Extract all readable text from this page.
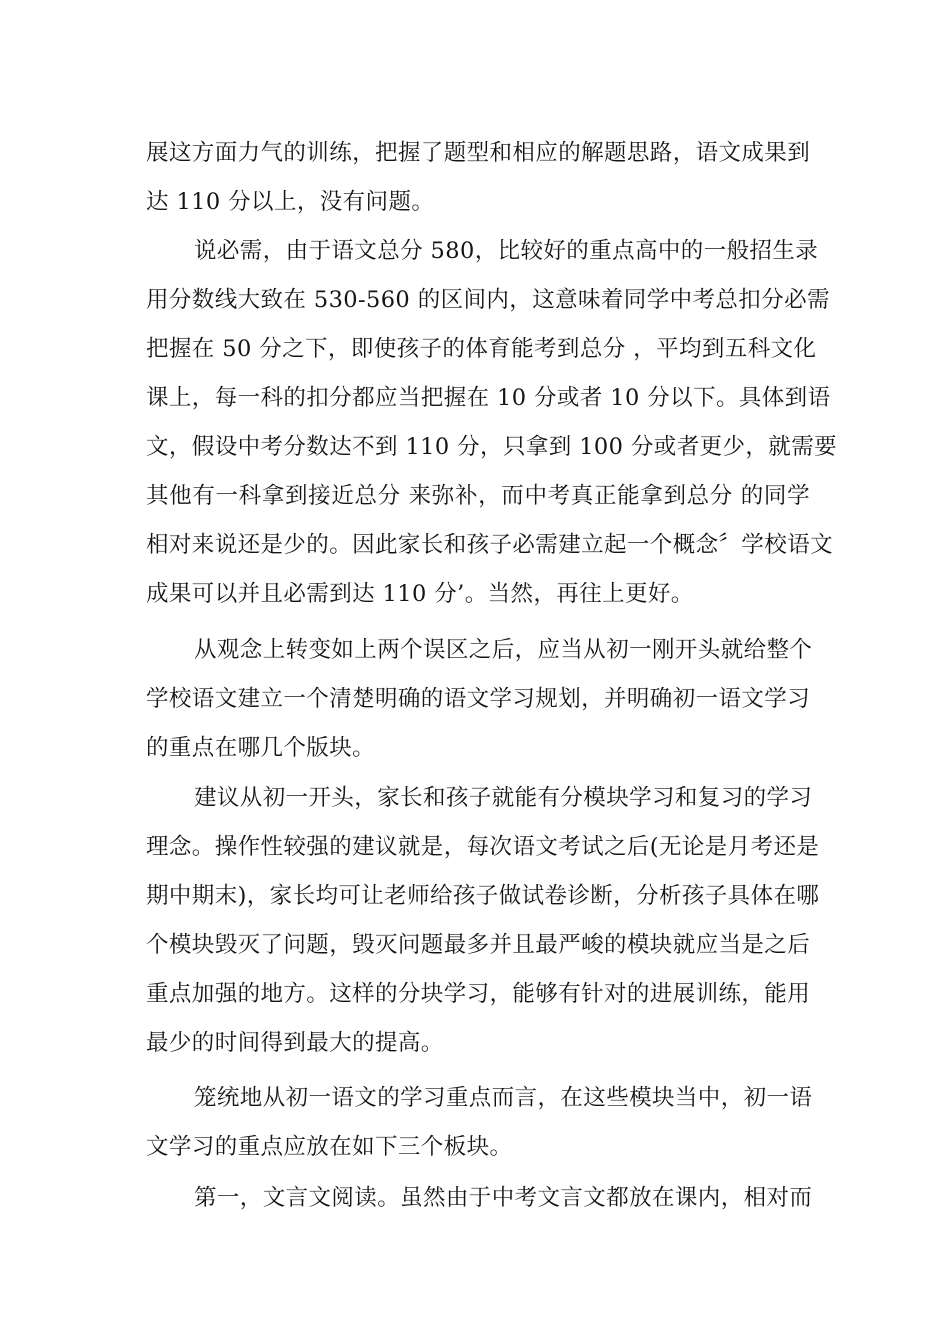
展这方面力气的训练，把握了题型和相应的解题思路，语文成果到
达 110 分以上，没有问题。
说必需，由于语文总分 580，比较好的重点高中的一般招生录
用分数线大致在 530-560 的区间内，这意味着同学中考总扣分必需
把握在 50 分之下，即使孩子的体育能考到总分 ，平均到五科文化
课上，每一科的扣分都应当把握在 10 分或者 10 分以下。具体到语
文，假设中考分数达不到 110 分，只拿到 100 分或者更少，就需要
其他有一科拿到接近总分 来弥补，而中考真正能拿到总分 的同学
相对来说还是少的。因此家长和孩子必需建立起一个概念〞学校语文
成果可以并且必需到达 110 分’。当然，再往上更好。
从观念上转变如上两个误区之后，应当从初一刚开头就给整个
学校语文建立一个清楚明确的语文学习规划，并明确初一语文学习
的重点在哪几个版块。
建议从初一开头，家长和孩子就能有分模块学习和复习的学习
理念。操作性较强的建议就是，每次语文考试之后(无论是月考还是
期中期末)，家长均可让老师给孩子做试卷诊断，分析孩子具体在哪
个模块毁灭了问题，毁灭问题最多并且最严峻的模块就应当是之后
重点加强的地方。这样的分块学习，能够有针对的进展训练，能用
最少的时间得到最大的提高。
笼统地从初一语文的学习重点而言，在这些模块当中，初一语
文学习的重点应放在如下三个板块。
第一，文言文阅读。虽然由于中考文言文都放在课内，相对而
